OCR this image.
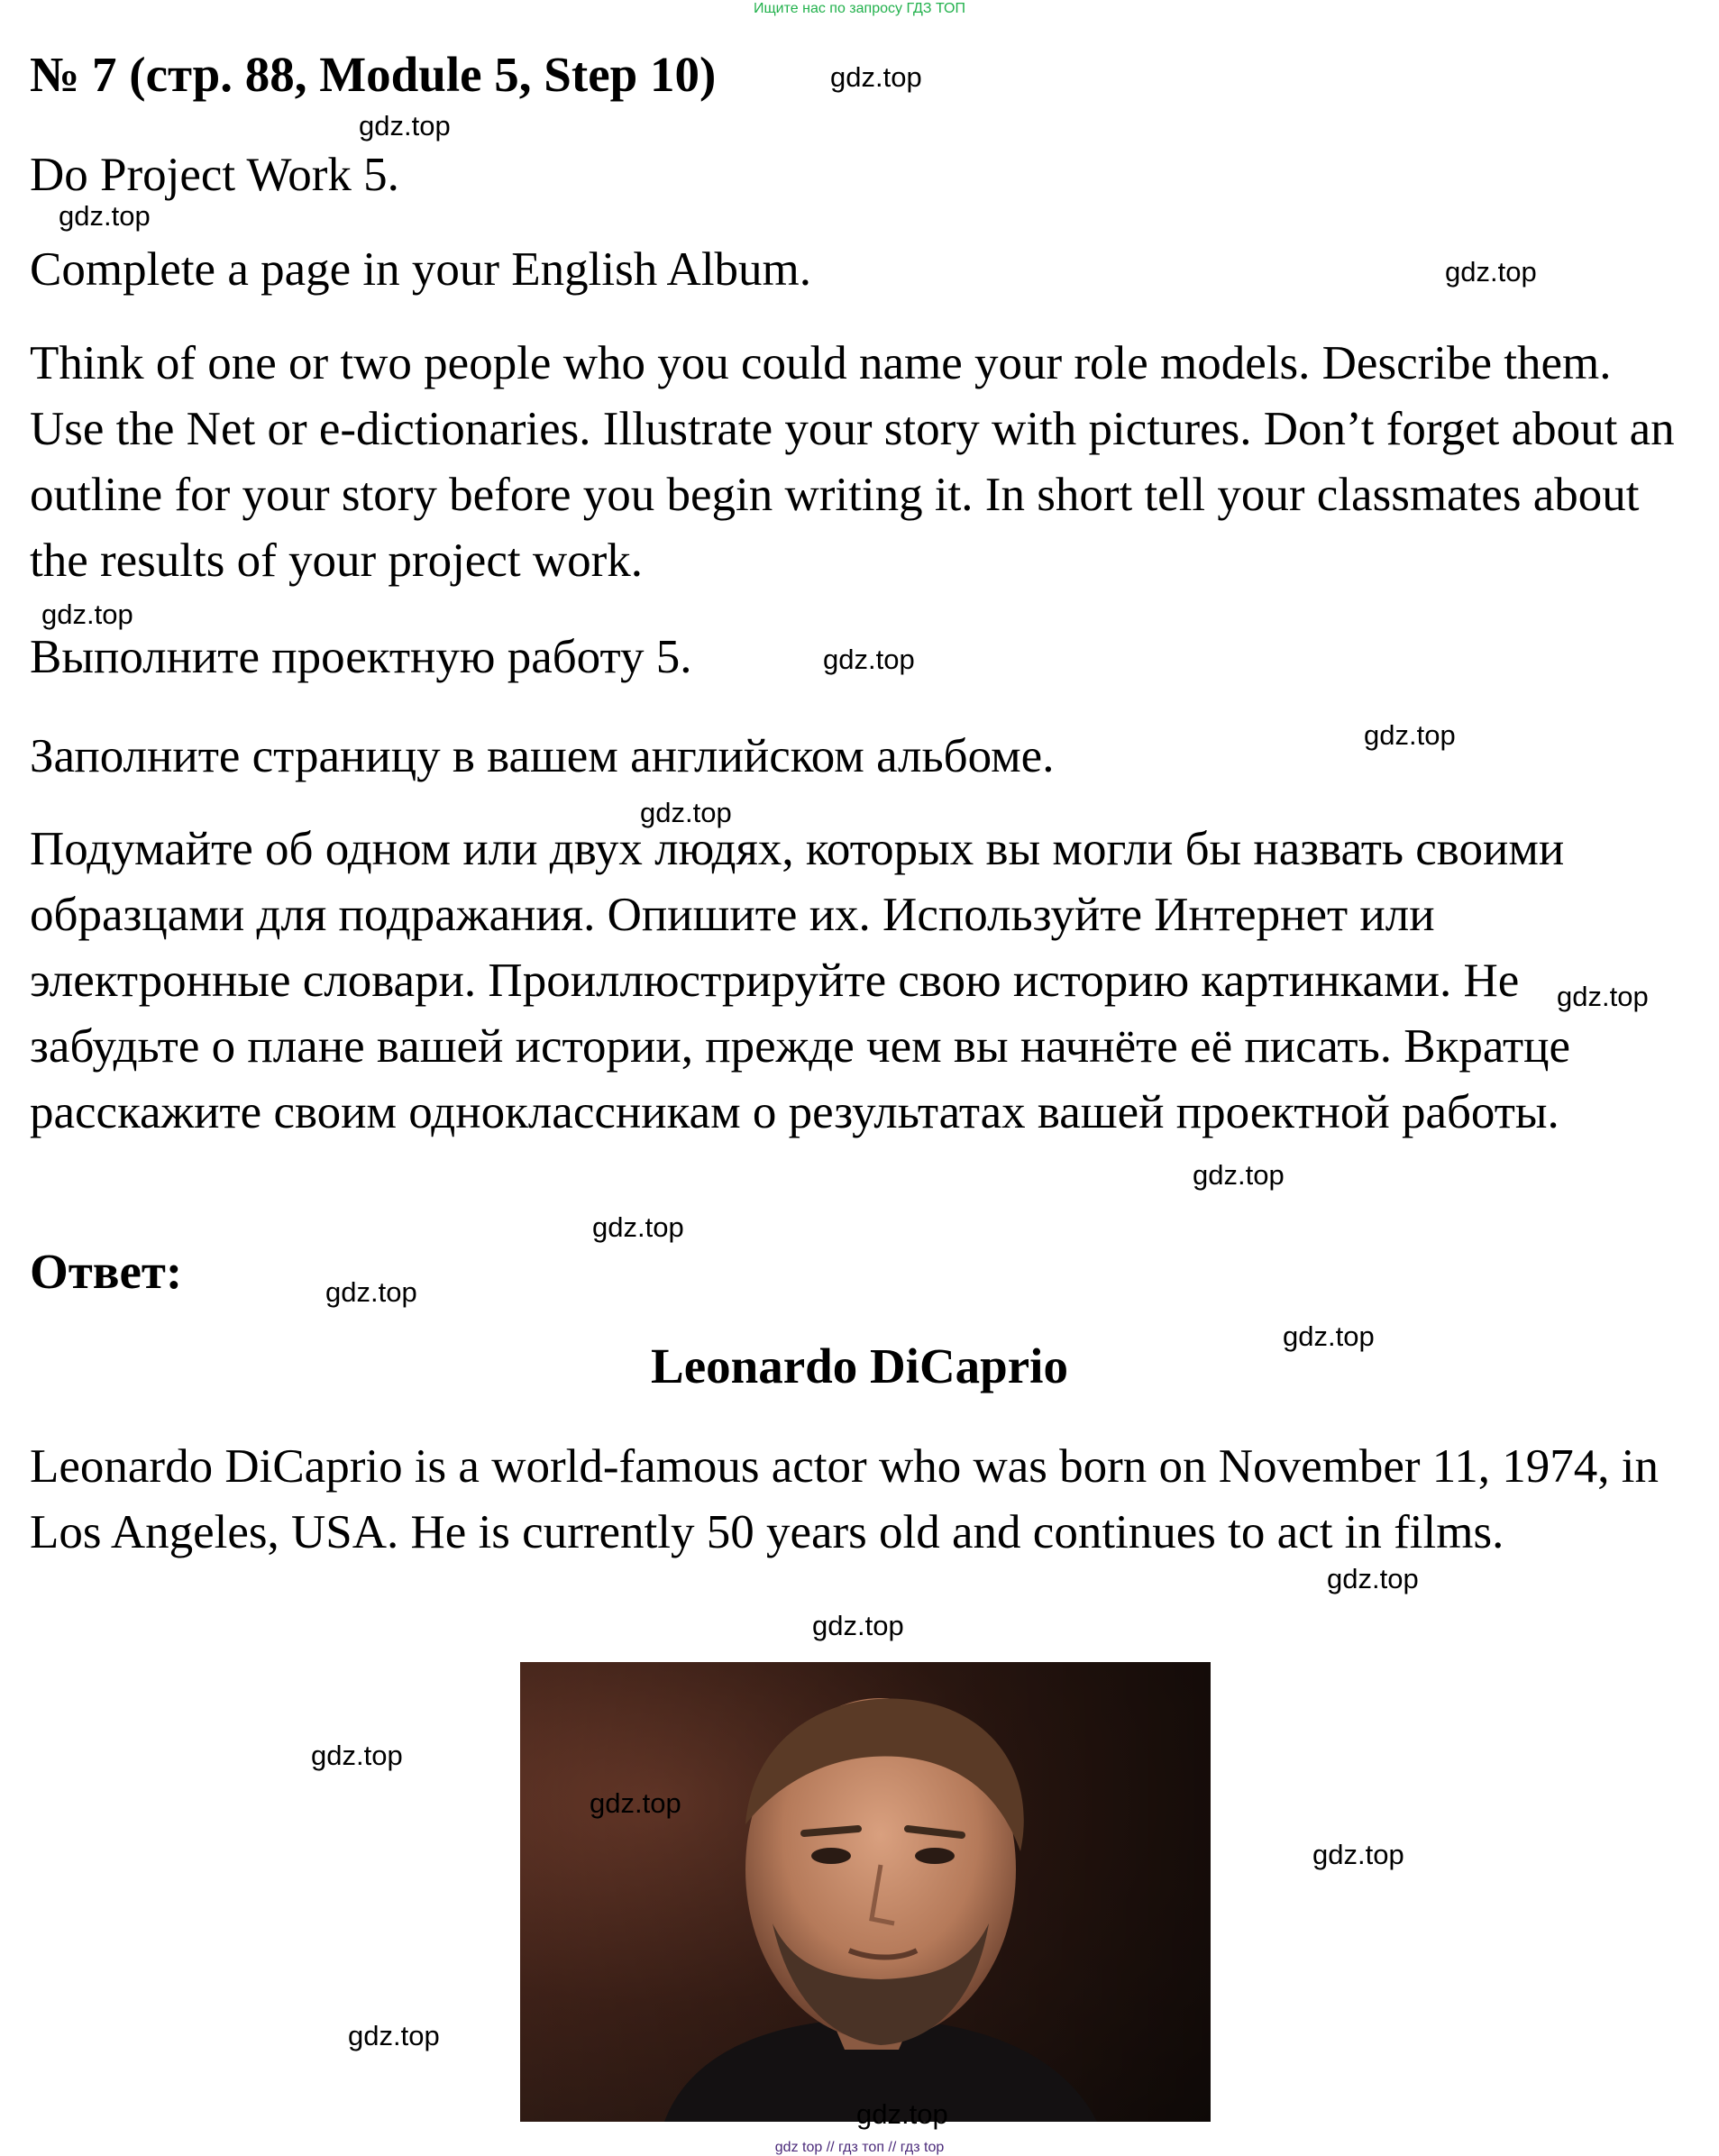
Ищите нас по запросу ГДЗ ТОП
№ 7 (стр. 88, Module 5, Step 10)

Do Project Work 5.

Complete a page in your English Album.

Think of one or two people who you could name your role models. Describe them. Use the Net or e-dictionaries. Illustrate your story with pictures. Don’t forget about an outline for your story before you begin writing it. In short tell your classmates about the results of your project work.

Выполните проектную работу 5.

Заполните страницу в вашем английском альбоме.

Подумайте об одном или двух людях, которых вы могли бы назвать своими образцами для подражания. Опишите их. Используйте Интернет или электронные словари. Проиллюстрируйте свою историю картинками. Не забудьте о плане вашей истории, прежде чем вы начнёте её писать. Вкратце расскажите своим одноклассникам о результатах вашей проектной работы.

Ответ:
Leonardo DiCaprio

Leonardo DiCaprio is a world-famous actor who was born on November 11, 1974, in Los Angeles, USA. He is currently 50 years old and continues to act in films.

gdz.top
gdz.top
gdz.top
gdz.top
gdz.top
gdz.top
gdz.top
gdz.top
gdz.top
gdz.top
gdz.top
gdz.top
gdz.top
gdz.top
gdz.top
gdz.top
gdz.top
gdz.top
gdz.top
gdz.top
gdz top // гдз топ // гдз top
